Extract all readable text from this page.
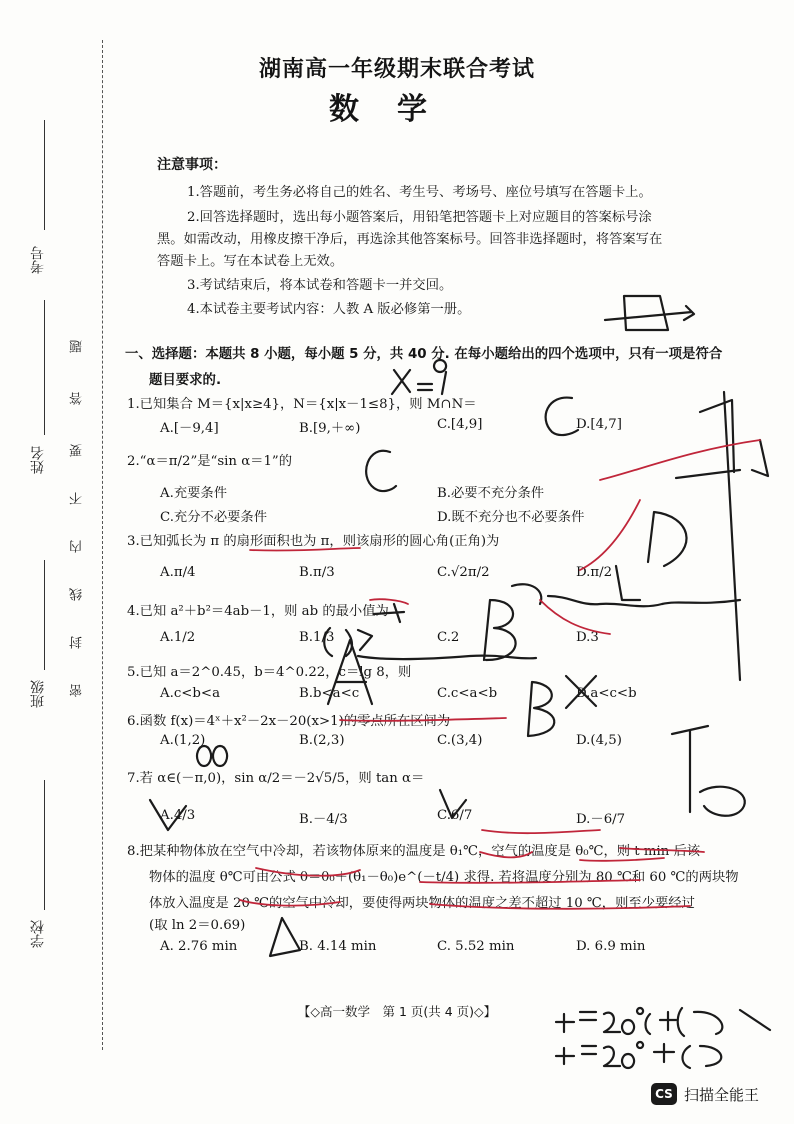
考号
姓名
班级
学校
题
答
要
不
内
线
封
密
湖南高一年级期末联合考试
数学
注意事项：
1.答题前，考生务必将自己的姓名、考生号、考场号、座位号填写在答题卡上。
2.回答选择题时，选出每小题答案后，用铅笔把答题卡上对应题目的答案标号涂
黑。如需改动，用橡皮擦干净后，再选涂其他答案标号。回答非选择题时，将答案写在
答题卡上。写在本试卷上无效。
3.考试结束后，将本试卷和答题卡一并交回。
4.本试卷主要考试内容：人教 A 版必修第一册。
一、选择题：本题共 8 小题，每小题 5 分，共 40 分. 在每小题给出的四个选项中，只有一项是符合
题目要求的.
1.已知集合 M＝{x|x≥4}，N＝{x|x－1≤8}，则 M∩N＝
A.[－9,4]	B.[9,＋∞)	C.[4,9]	D.[4,7]
2.“α＝π/2”是“sin α＝1”的
A.充要条件	B.必要不充分条件
C.充分不必要条件	D.既不充分也不必要条件
3.已知弧长为 π 的扇形面积也为 π，则该扇形的圆心角(正角)为
A.π/4	B.π/3	C.√2π/2	D.π/2
4.已知 a²＋b²＝4ab－1，则 ab 的最小值为
A.1/2	B.1/3	C.2	D.3
5.已知 a＝2^0.45，b＝4^0.22，c＝lg 8，则
A.c<b<a	B.b<a<c	C.c<a<b	D.a<c<b
6.函数 f(x)＝4ˣ＋x²－2x－20(x>1)的零点所在区间为
A.(1,2)	B.(2,3)	C.(3,4)	D.(4,5)
7.若 α∈(－π,0)，sin α/2＝－2√5/5，则 tan α＝
A.4/3	B.－4/3	C.6/7	D.－6/7
8.把某种物体放在空气中冷却，若该物体原来的温度是 θ₁℃，空气的温度是 θ₀℃，则 t min 后该
物体的温度 θ℃可由公式 θ＝θ₀＋(θ₁－θ₀)e^(－t/4) 求得. 若将温度分别为 80 ℃和 60 ℃的两块物
体放入温度是 20 ℃的空气中冷却，要使得两块物体的温度之差不超过 10 ℃，则至少要经过
(取 ln 2＝0.69)
A. 2.76 min	B. 4.14 min	C. 5.52 min	D. 6.9 min
【◇高一数学　第 1 页(共 4 页)◇】
CS 扫描全能王
